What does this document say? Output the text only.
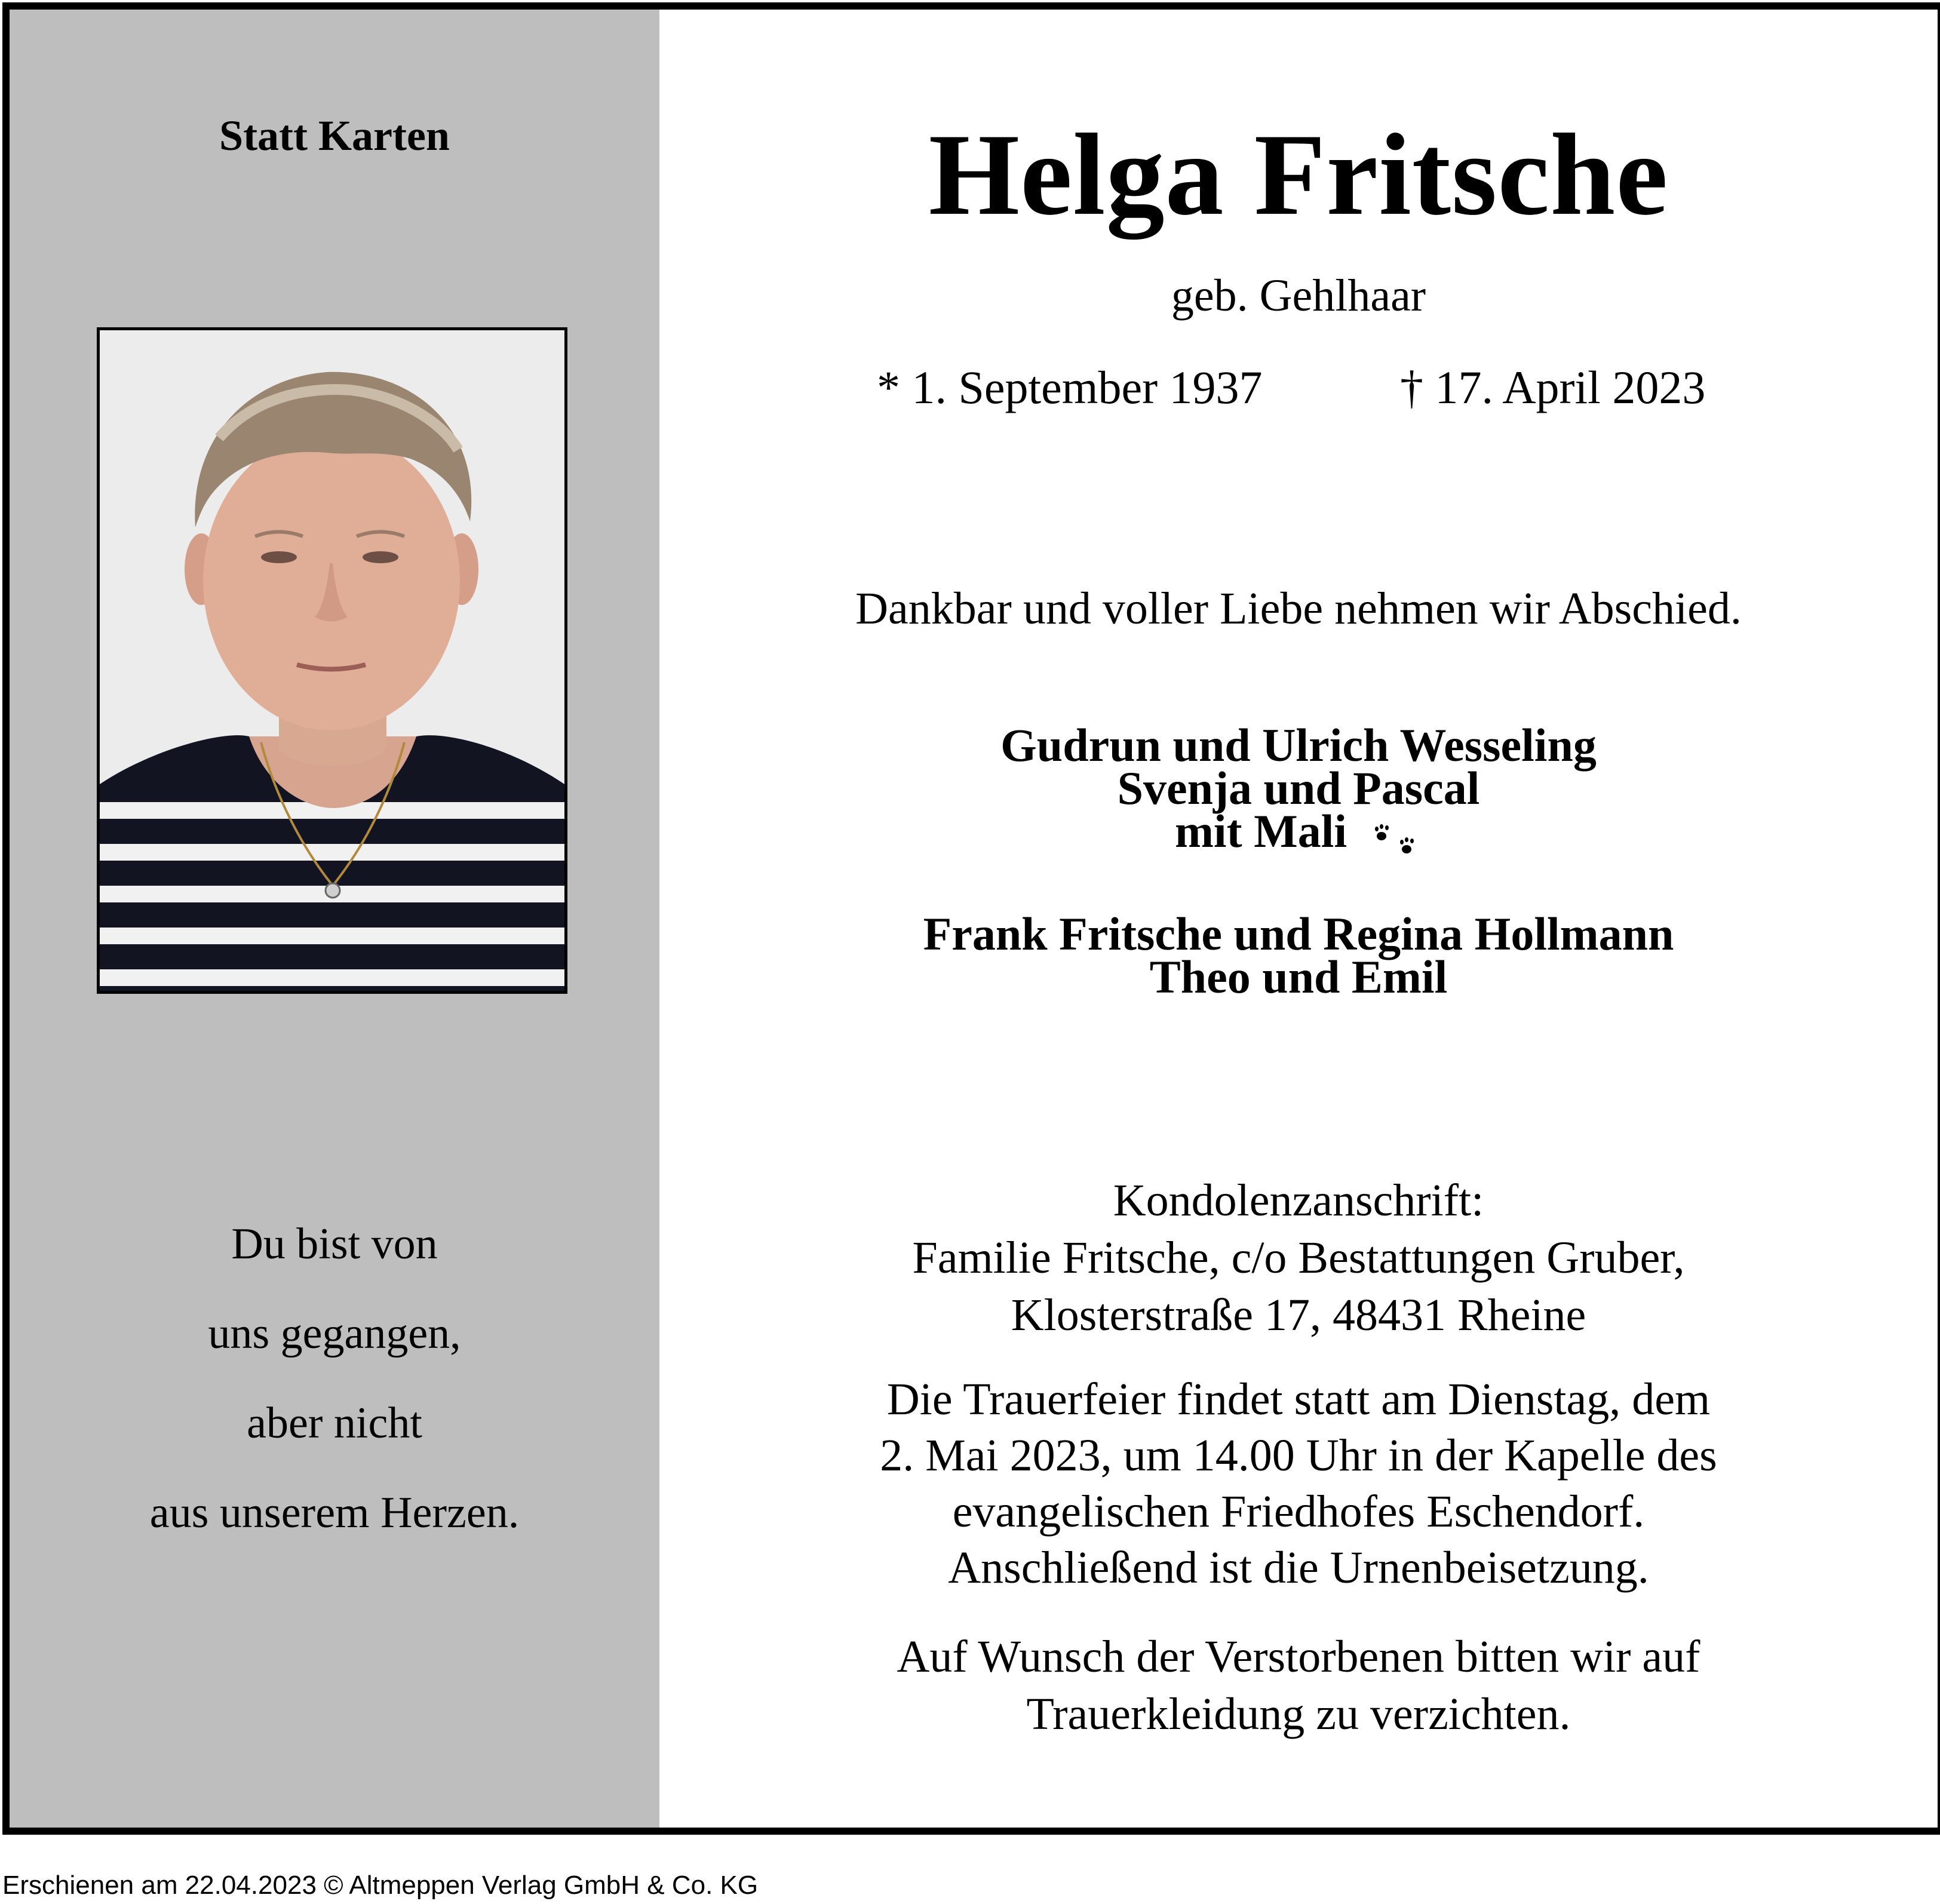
Statt Karten
Du bist von
uns gegangen,
aber nicht
aus unserem Herzen.
Helga Fritsche
geb. Gehlhaar
* 1. September 1937	† 17. April 2023
Dankbar und voller Liebe nehmen wir Abschied.
Gudrun und Ulrich Wesseling
Svenja und Pascal
mit Mali
Frank Fritsche und Regina Hollmann
Theo und Emil
Kondolenzanschrift:
Familie Fritsche, c/o Bestattungen Gruber,
Klosterstraße 17, 48431 Rheine
Die Trauerfeier findet statt am Dienstag, dem
2. Mai 2023, um 14.00 Uhr in der Kapelle des
evangelischen Friedhofes Eschendorf.
Anschließend ist die Urnenbeisetzung.
Auf Wunsch der Verstorbenen bitten wir auf
Trauerkleidung zu verzichten.
Erschienen am 22.04.2023 © Altmeppen Verlag GmbH & Co. KG
